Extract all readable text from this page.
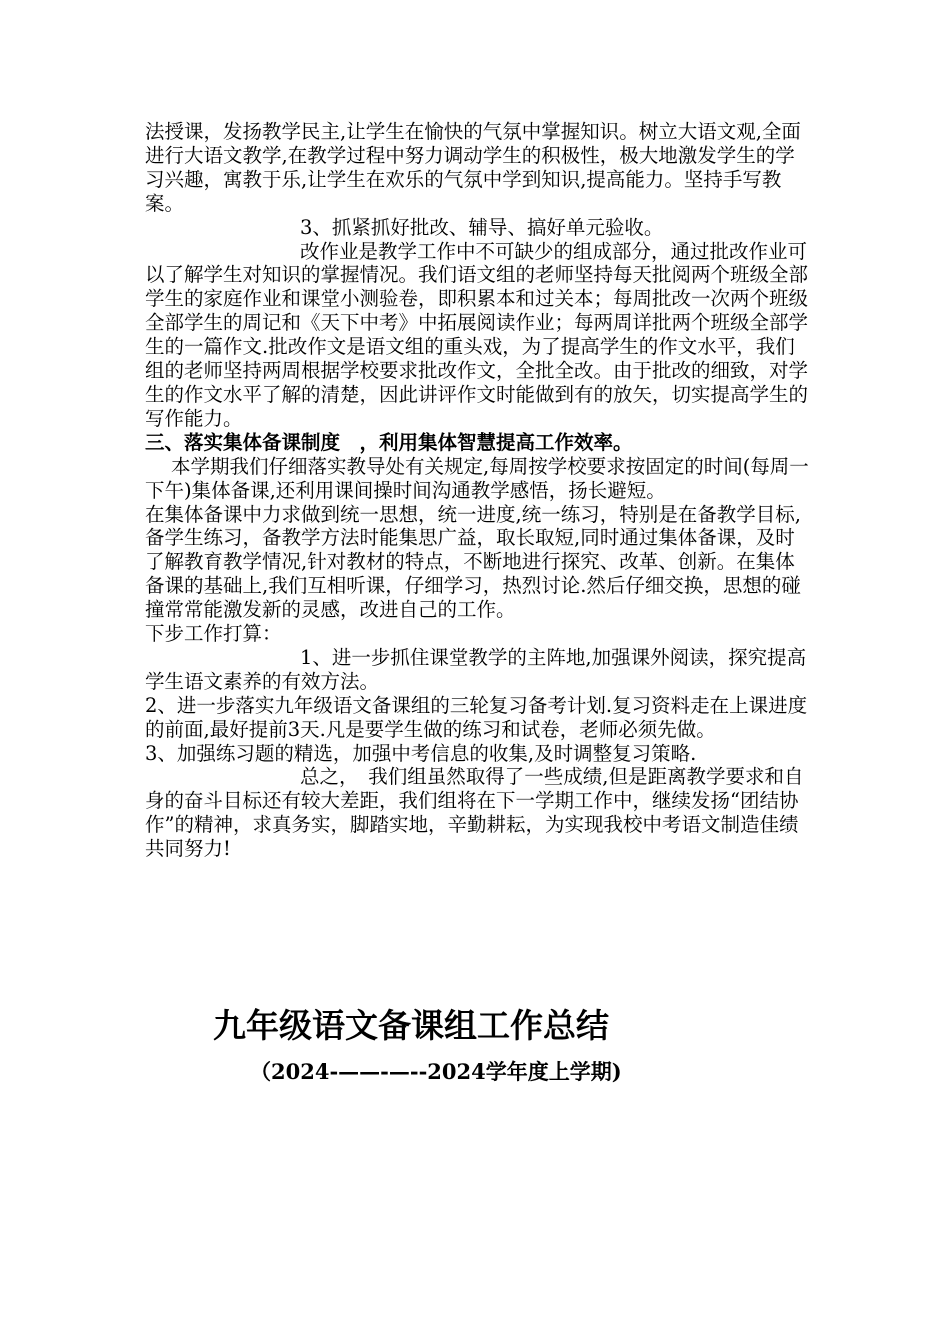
法授课，发扬教学民主,让学生在愉快的气氛中掌握知识。树立大语文观,全面进行大语文教学,在教学过程中努力调动学生的积极性，极大地激发学生的学习兴趣，寓教于乐,让学生在欢乐的气氛中学到知识,提高能力。坚持手写教案。

3、抓紧抓好批改、辅导、搞好单元验收。

改作业是教学工作中不可缺少的组成部分，通过批改作业可以了解学生对知识的掌握情况。我们语文组的老师坚持每天批阅两个班级全部学生的家庭作业和课堂小测验卷，即积累本和过关本；每周批改一次两个班级全部学生的周记和《天下中考》中拓展阅读作业；每两周详批两个班级全部学生的一篇作文.批改作文是语文组的重头戏，为了提高学生的作文水平，我们组的老师坚持两周根据学校要求批改作文，全批全改。由于批改的细致，对学生的作文水平了解的清楚，因此讲评作文时能做到有的放矢，切实提高学生的写作能力。

三、落实集体备课制度　，利用集体智慧提高工作效率。

本学期我们仔细落实教导处有关规定,每周按学校要求按固定的时间(每周一下午)集体备课,还利用课间操时间沟通教学感悟，扬长避短。

在集体备课中力求做到统一思想，统一进度,统一练习，特别是在备教学目标,备学生练习，备教学方法时能集思广益，取长取短,同时通过集体备课，及时了解教育教学情况,针对教材的特点，不断地进行探究、改革、创新。在集体备课的基础上,我们互相听课，仔细学习，热烈讨论.然后仔细交换，思想的碰撞常常能激发新的灵感，改进自己的工作。

下步工作打算：

1、进一步抓住课堂教学的主阵地,加强课外阅读，探究提高学生语文素养的有效方法。

2、进一步落实九年级语文备课组的三轮复习备考计划.复习资料走在上课进度的前面,最好提前3天.凡是要学生做的练习和试卷，老师必须先做。

3、加强练习题的精选，加强中考信息的收集,及时调整复习策略.

总之，　我们组虽然取得了一些成绩,但是距离教学要求和自身的奋斗目标还有较大差距，我们组将在下一学期工作中，继续发扬“团结协作”的精神，求真务实，脚踏实地，辛勤耕耘，为实现我校中考语文制造佳绩共同努力!

九年级语文备课组工作总结
（2024-——-—--2024学年度上学期)
